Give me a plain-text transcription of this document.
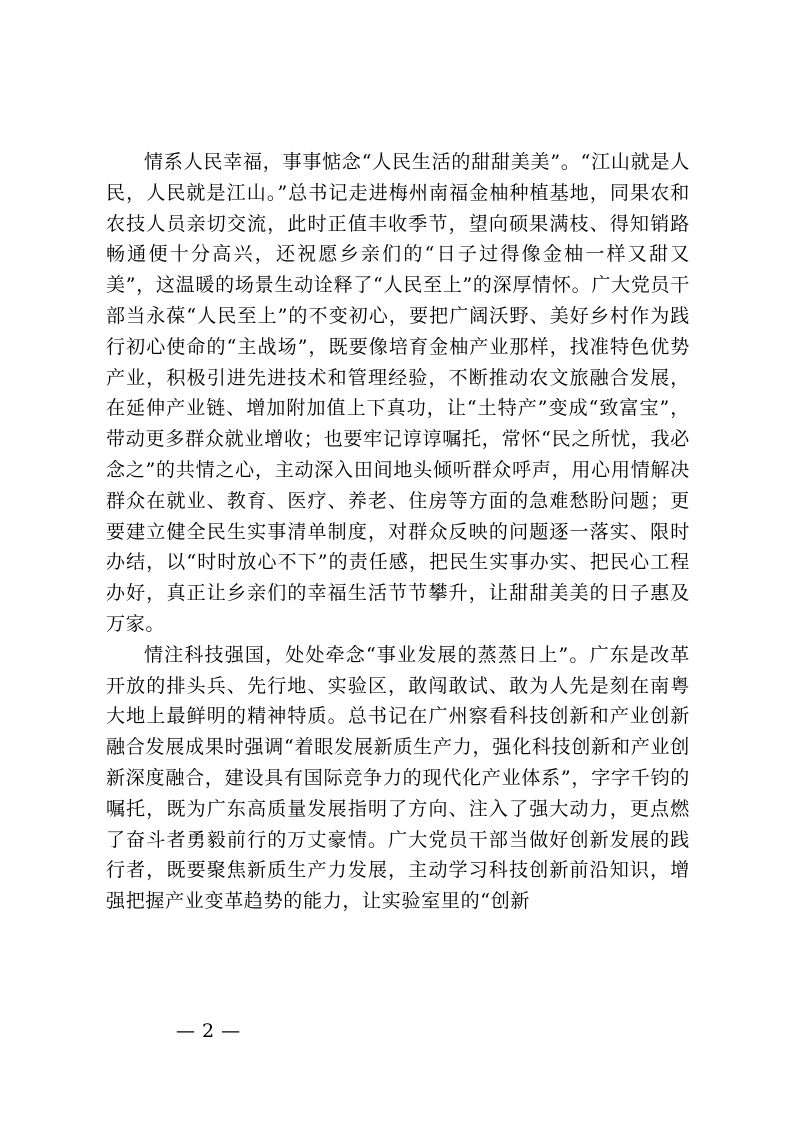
情系人民幸福，事事惦念“人民生活的甜甜美美”。“江山就是人民，人民就是江山。”总书记走进梅州南福金柚种植基地，同果农和农技人员亲切交流，此时正值丰收季节，望向硕果满枝、得知销路畅通便十分高兴，还祝愿乡亲们的“日子过得像金柚一样又甜又美”，这温暖的场景生动诠释了“人民至上”的深厚情怀。广大党员干部当永葆“人民至上”的不变初心，要把广阔沃野、美好乡村作为践行初心使命的“主战场”，既要像培育金柚产业那样，找准特色优势产业，积极引进先进技术和管理经验，不断推动农文旅融合发展，在延伸产业链、增加附加值上下真功，让“土特产”变成“致富宝”，带动更多群众就业增收；也要牢记谆谆嘱托，常怀“民之所忧，我必念之”的共情之心，主动深入田间地头倾听群众呼声，用心用情解决群众在就业、教育、医疗、养老、住房等方面的急难愁盼问题；更要建立健全民生实事清单制度，对群众反映的问题逐一落实、限时办结，以“时时放心不下”的责任感，把民生实事办实、把民心工程办好，真正让乡亲们的幸福生活节节攀升，让甜甜美美的日子惠及万家。

情注科技强国，处处牵念“事业发展的蒸蒸日上”。广东是改革开放的排头兵、先行地、实验区，敢闯敢试、敢为人先是刻在南粤大地上最鲜明的精神特质。总书记在广州察看科技创新和产业创新融合发展成果时强调“着眼发展新质生产力，强化科技创新和产业创新深度融合，建设具有国际竞争力的现代化产业体系”，字字千钧的嘱托，既为广东高质量发展指明了方向、注入了强大动力，更点燃了奋斗者勇毅前行的万丈豪情。广大党员干部当做好创新发展的践行者，既要聚焦新质生产力发展，主动学习科技创新前沿知识，增强把握产业变革趋势的能力，让实验室里的“创新

— 2 —
